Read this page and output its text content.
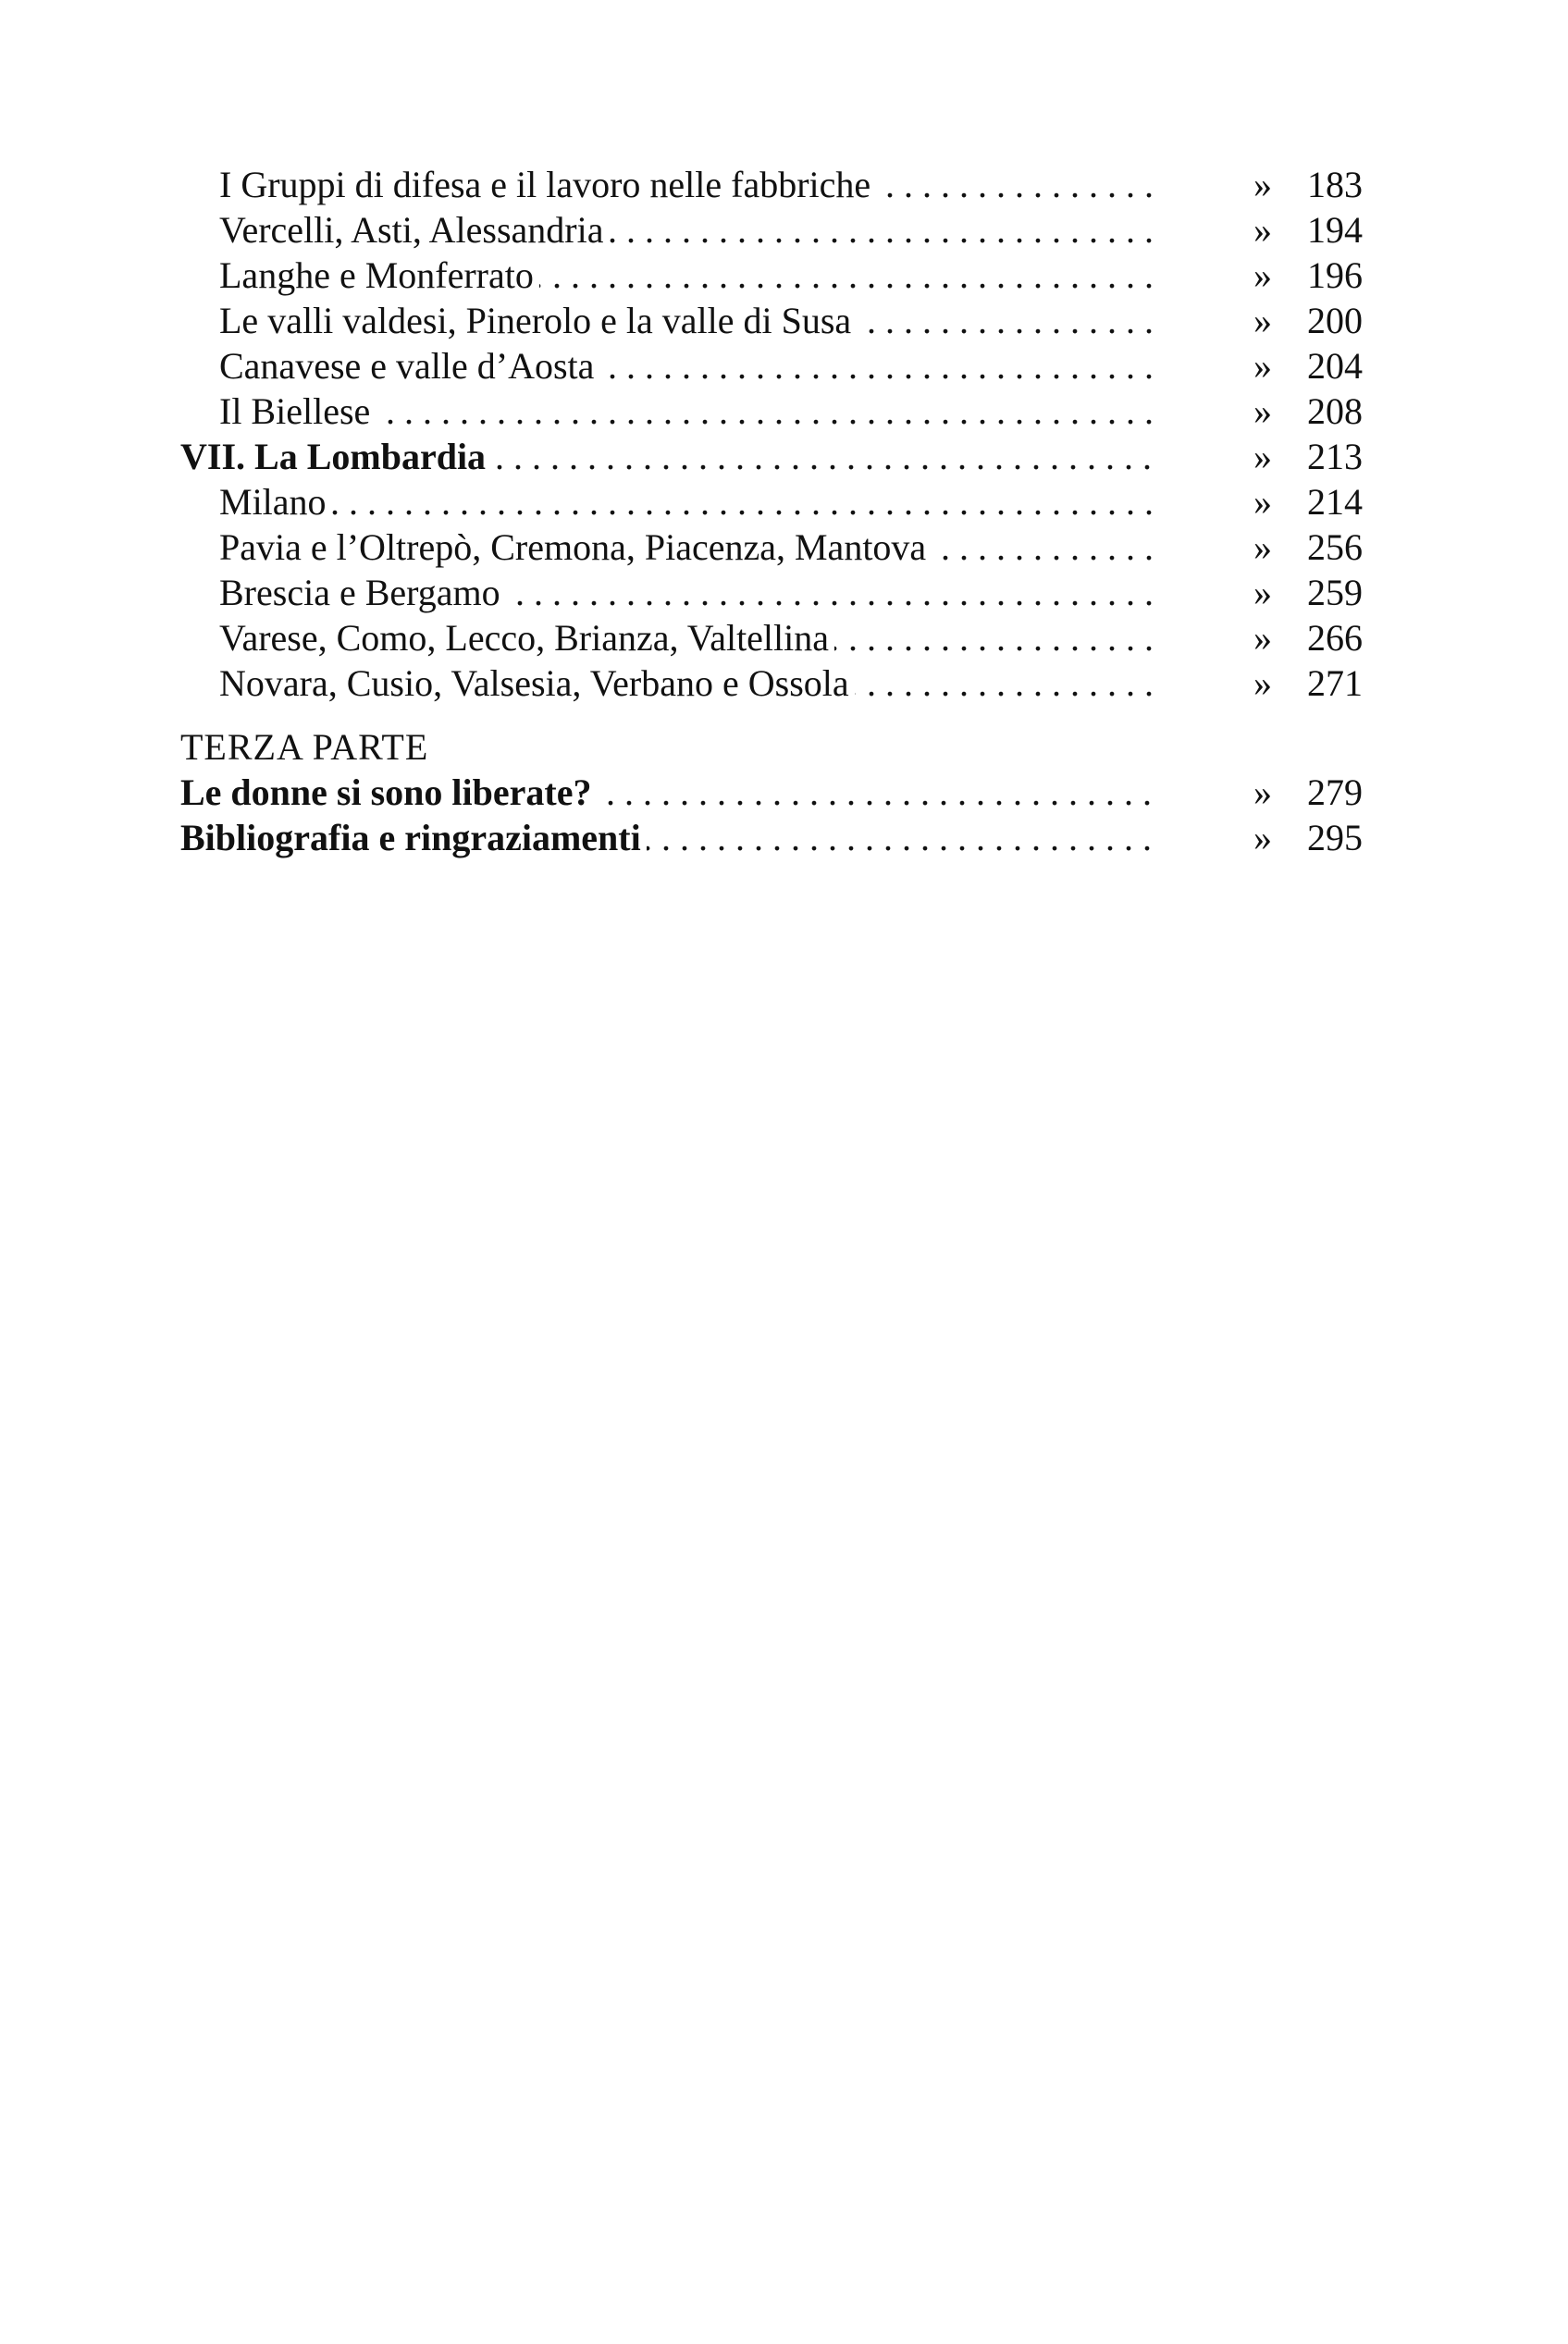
I Gruppi di difesa e il lavoro nelle fabbriche . . .	» 183
Vercelli, Asti, Alessandria . . .	» 194
Langhe e Monferrato . . .	» 196
Le valli valdesi, Pinerolo e la valle di Susa . . .	» 200
Canavese e valle d’Aosta . . .	» 204
Il Biellese . . .	» 208
VII. La Lombardia . . .	» 213
Milano . . .	» 214
Pavia e l’Oltrepò, Cremona, Piacenza, Mantova . . .	» 256
Brescia e Bergamo . . .	» 259
Varese, Como, Lecco, Brianza, Valtellina . . .	» 266
Novara, Cusio, Valsesia, Verbano e Ossola . . .	» 271
TERZA PARTE
Le donne si sono liberate? . . .	» 279
Bibliografia e ringraziamenti . . .	» 295
